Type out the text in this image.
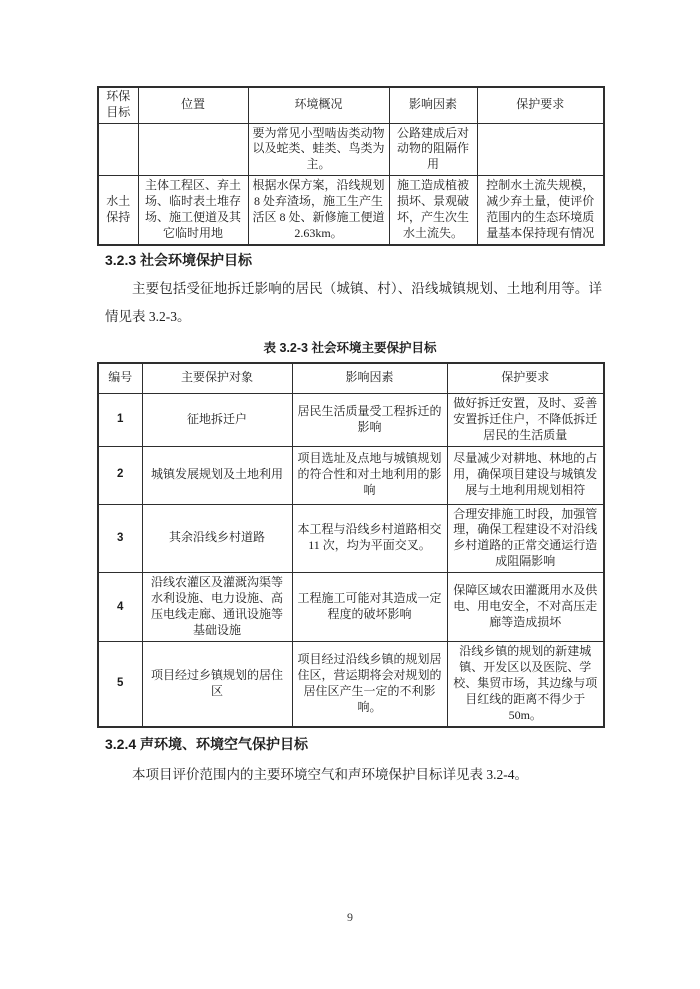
环保目标	位置	环境概况	影响因素	保护要求
		要为常见小型啮齿类动物以及蛇类、蛙类、鸟类为主。	公路建成后对动物的阻隔作用	
水土保持	主体工程区、弃土场、临时表土堆存场、施工便道及其它临时用地	根据水保方案，沿线规划 8 处弃渣场，施工生产生活区 8 处、新修施工便道 2.63km。	施工造成植被损坏、景观破坏，产生次生水土流失。	控制水土流失规模，减少弃土量，使评价范围内的生态环境质量基本保持现有情况
3.2.3 社会环境保护目标
主要包括受征地拆迁影响的居民（城镇、村）、沿线城镇规划、土地利用等。详情见表 3.2-3。
表 3.2-3 社会环境主要保护目标
编号	主要保护对象	影响因素	保护要求
1	征地拆迁户	居民生活质量受工程拆迁的影响	做好拆迁安置，及时、妥善安置拆迁住户，不降低拆迁居民的生活质量
2	城镇发展规划及土地利用	项目选址及点地与城镇规划的符合性和对土地利用的影响	尽量减少对耕地、林地的占用，确保项目建设与城镇发展与土地利用规划相符
3	其余沿线乡村道路	本工程与沿线乡村道路相交 11 次，均为平面交叉。	合理安排施工时段，加强管理，确保工程建设不对沿线乡村道路的正常交通运行造成阻隔影响
4	沿线农灌区及灌溉沟渠等水利设施、电力设施、高压电线走廊、通讯设施等基础设施	工程施工可能对其造成一定程度的破坏影响	保障区域农田灌溉用水及供电、用电安全，不对高压走廊等造成损坏
5	项目经过乡镇规划的居住区	项目经过沿线乡镇的规划居住区，营运期将会对规划的居住区产生一定的不利影响。	沿线乡镇的规划的新建城镇、开发区以及医院、学校、集贸市场，其边缘与项目红线的距离不得少于 50m。
3.2.4 声环境、环境空气保护目标
本项目评价范围内的主要环境空气和声环境保护目标详见表 3.2-4。
9
